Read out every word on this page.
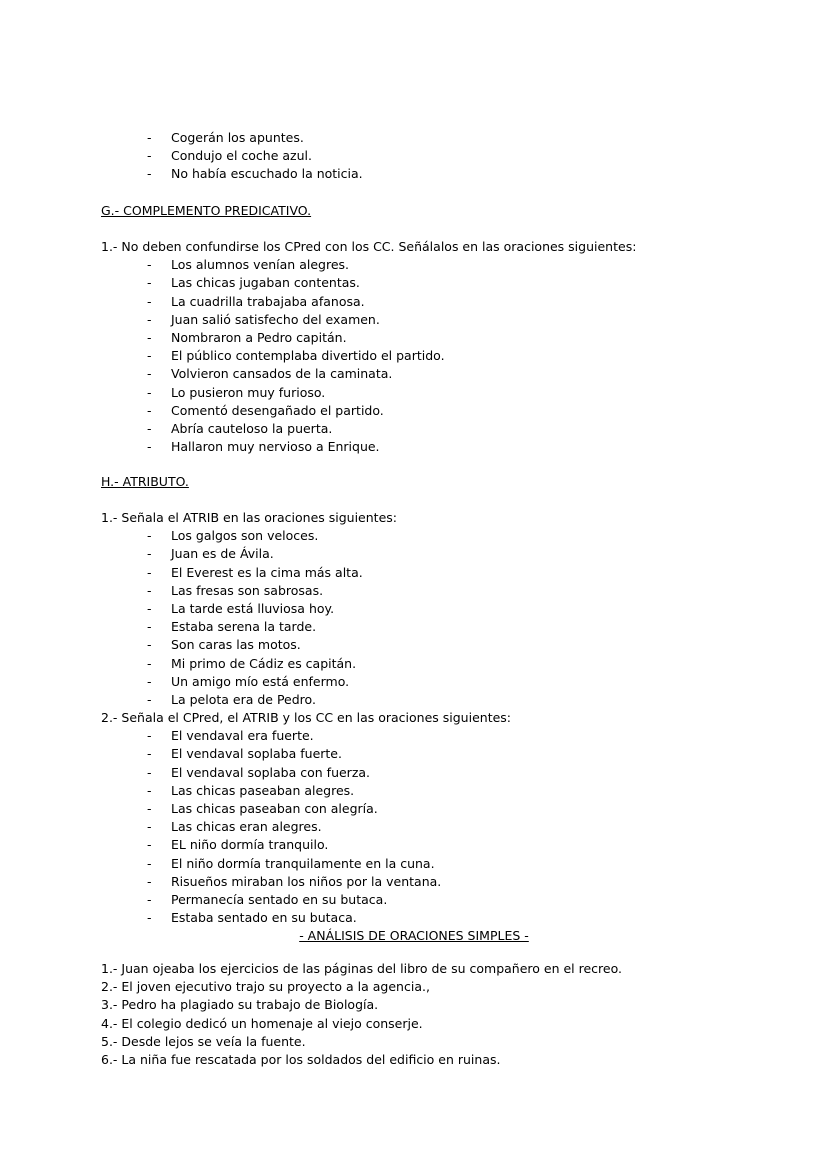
- Cogerán los apuntes.
- Condujo el coche azul.
- No había escuchado la noticia.
G.- COMPLEMENTO PREDICATIVO.
1.- No deben confundirse los CPred con los CC. Señálalos en las oraciones siguientes:
- Los alumnos venían alegres.
- Las chicas jugaban contentas.
- La cuadrilla trabajaba afanosa.
- Juan salió satisfecho del examen.
- Nombraron a Pedro capitán.
- El público contemplaba divertido el partido.
- Volvieron cansados de la caminata.
- Lo pusieron muy furioso.
- Comentó desengañado el partido.
- Abría cauteloso la puerta.
- Hallaron muy nervioso a Enrique.
H.- ATRIBUTO.
1.- Señala el ATRIB en las oraciones siguientes:
- Los galgos son veloces.
- Juan es de Ávila.
- El Everest es la cima más alta.
- Las fresas son sabrosas.
- La tarde está lluviosa hoy.
- Estaba serena la tarde.
- Son caras las motos.
- Mi primo de Cádiz es capitán.
- Un amigo mío está enfermo.
- La pelota era de Pedro.
2.- Señala el CPred, el ATRIB y los CC en las oraciones siguientes:
- El vendaval era fuerte.
- El vendaval soplaba fuerte.
- El vendaval soplaba con fuerza.
- Las chicas paseaban alegres.
- Las chicas paseaban con alegría.
- Las chicas eran alegres.
- EL niño dormía tranquilo.
- El niño dormía tranquilamente en la cuna.
- Risueños miraban los niños por la ventana.
- Permanecía sentado en su butaca.
- Estaba sentado en su butaca.
- ANÁLISIS DE ORACIONES SIMPLES -
1.- Juan ojeaba los ejercicios de las páginas del libro de su compañero en el recreo.
2.- El joven ejecutivo trajo su proyecto a la agencia.,
3.- Pedro ha plagiado su trabajo de Biología.
4.- El colegio dedicó un homenaje al viejo conserje.
5.- Desde lejos se veía la fuente.
6.- La niña fue rescatada por los soldados del edificio en ruinas.
